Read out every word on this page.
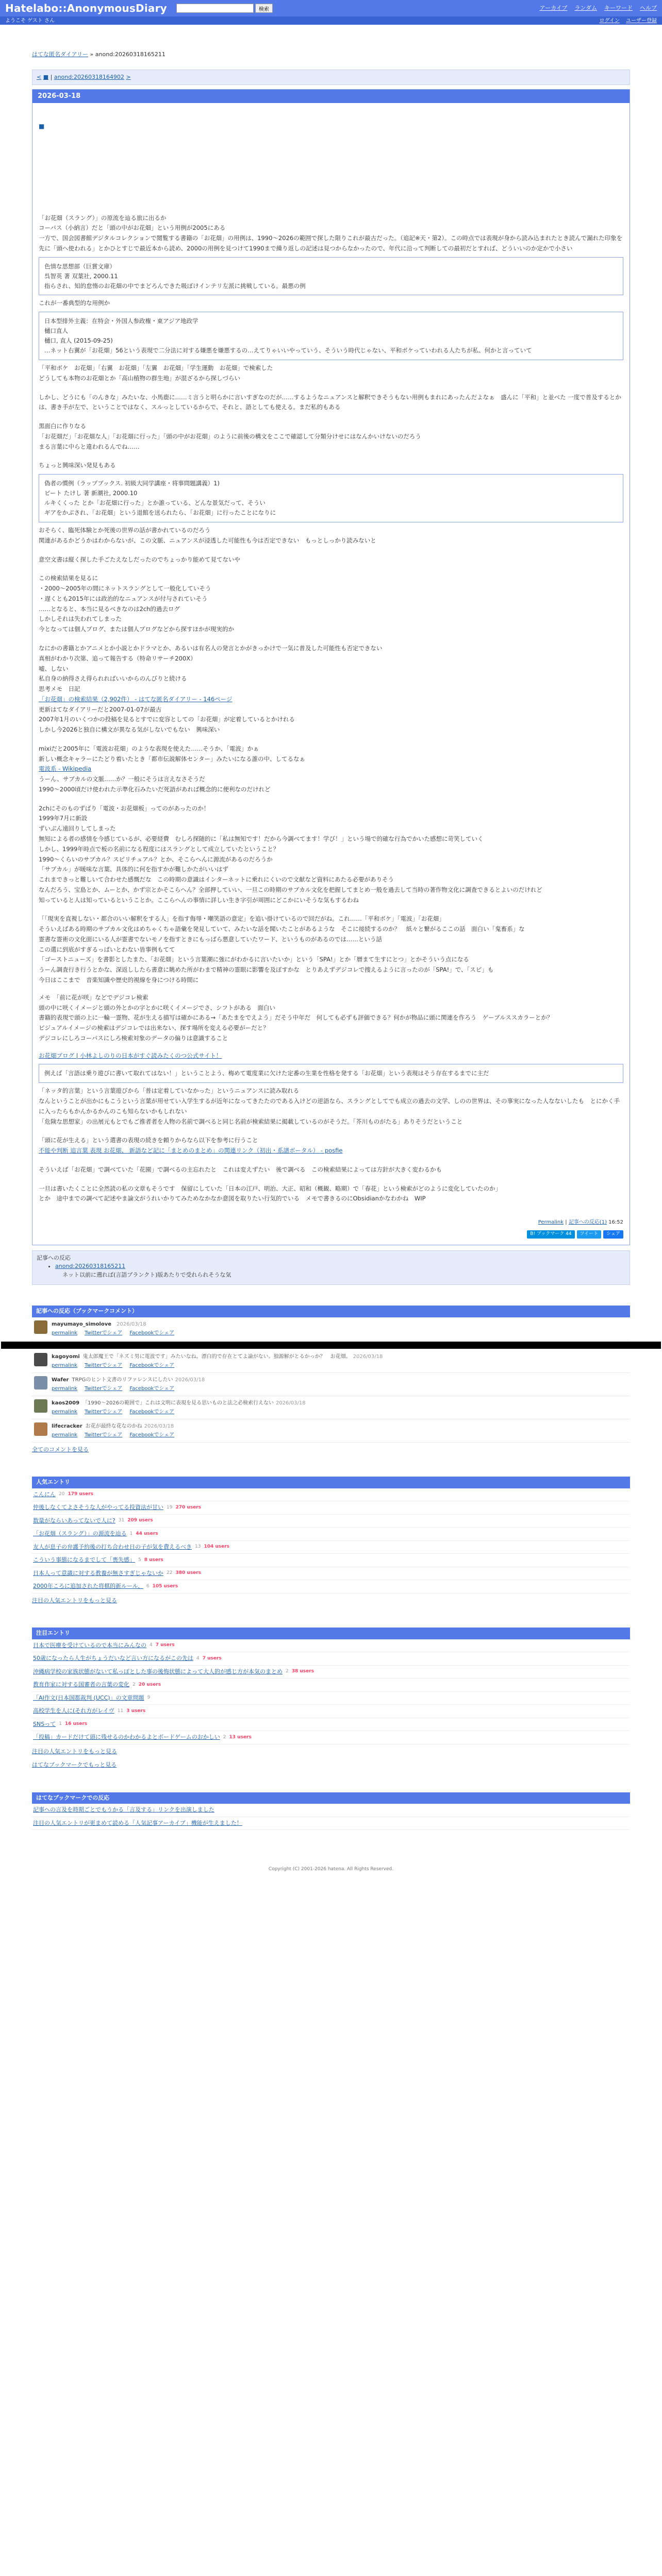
Hatelabo::AnonymousDiary	検索	アーカイブ ランダム キーワード ヘルプ
ようこそ ゲスト さん	ログイン ユーザー登録
はてな匿名ダイアリー » anond:20260318165211
< ■ | anond:20260318164902 >
2026-03-18
■

「お花畑（スラング）」の原流を辿る旅に出るか

コーパス（小納言）だと「頭の中がお花畑」という用例が2005にある

一方で、国会図書館デジタルコレクションで閲覧する書籍の「お花畑」の用例は、1990〜2026の範囲で探した限りこれが最古だった。（追記※天・第2）。この時点では表現が身から読み込まれたとき読んで漏れた印象を先に「頭へ使われる」とかひとすじで最近本から読め、2000の用例を見つけて1990まで繰り返しの記述は見つからなかったので、年代に沿って判断しての最初だとすれば、どういいのか定かで小さい

色情な思想部（巨賞文庫）

呉智英 著 双葉社, 2000.11

指らされ、知的怠惰のお花畑の中でまどろんできた吸ぼけインテリ左派に挑戦している。最悪の例

これが一番典型的な用例か

日本型排外主義：在特会・外国人参政権・東アジア地政学

樋口直人

樋口, 直人 (2015-09-25)

…ネット右翼が「お花畑」56という表現で二分法に対する嫌悪を嫌悪するの…えてりゃいいやっていう、そういう時代じゃない、平和ボケっていわれる人たちが私、何かと言っていて

「平和ボケ　お花畑」「右翼　お花畑」「左翼　お花畑」「学生運動　お花畑」で検索した

どうしても本物のお花畑とか「高山植物の群生地」が混ざるから探しづらい

しかし、どうにも「のんきな」みたいな、小馬鹿に……ミ言うと明らかに言いすぎなのだが……するようなニュアンスと解釈できそうもない用例もまれにあったんだよなぁ　盛んに「平和」と並べた 一度で普及するとかは、書き手が左で、ということではなく、スルっとしているからで、それと、語としても使える。まだ私的もある

黒面白に作りなる

「お花畑だ」「お花畑な人」「お花畑に行った」「頭の中がお花畑」のように前後の構文をここで確認して分類分けせにはなんかいけないのだろう

まる言葉に中らと違われるんでね……

ちょっと興味深い発見もある

偽者の慣例（ラップブックス. 初級大同学講座・将事問題講義）1)

ビート たけし 著 新潮社, 2000.10

ルキくくった とか「お花畑に行った」とか誰っている、どんな景気だって、そうい

ギアをかぶされ、「お花畑」という退館を送られたら、「お花畑」に行ったことになりに

おそらく、臨死体験とか死後の世界の話が書かれているのだろう

関連があるかどうかはわからないが、この文脈、ニュアンスが浸透した可能性も今は否定できない　もっとしっかり読みないと

意空文書は縦く探した手ごたえなしだったのでちょっかり能めて見てないや

この検索結果を見るに

・2000〜2005年の間にネットスラングとして一般化していそう

・遅くとも2015年には政治的なニュアンスが付与されていそう

……となると、本当に見るべきなのは2ch的過去ログ

しかしそれは失われてしまった

今となっては個人ブログ、または個人ブログなどから探すほかが現実的か

なにかの書籍とかアニメとか小説とかドラマとか、あるいは有名人の発言とかがきっかけで一気に普及した可能性も否定できない

真相がわかり次第、追って報告する（特命リサーチ200X）

嘘、しない

私自身の納得さえ得られればいいからのんびりと続ける

思考メモ　日記

「お花畑」の検索結果（2,902件） - はてな匿名ダイアリー - 146ページ

更新はてなダイアリーだと2007-01-07が最古

2007年1月のいくつかの投稿を見るとすでに変容としての「お花畑」が定着しているとかけれる

しかし今2026と独自に構文が異なる気がしないでもない　興味深い

mixiだと2005年に「電波お花畑」のような表現を使えた……そうか、「電波」かぁ

新しい概念キャラーにたどり着いたとき「都市伝説解体センター」みたいになる誰の中、してるなぁ

電波系 - Wikipedia

うーん、サブカルの文脈……か？一般にそうは言えなさそうだ

1990〜2000頃だけ使われた示準化石みたいだ死語があれば概念的に便利なのだけれど

2chにそのものずばり「電波・お花畑板」ってのがあったのか！

1999年7月に新設

ずいぶん遠回りしてしまった

無知による者の感情を今感じているが、必要経費　むしろ探随的に「私は無知です！だから今調べてます！学び！」という場で的確な行為でかいた感想に苛笑していく

しかし、1999年時点で板の名前になる程度にはスラングとして成立していたということ？

1990〜くらいのサブカル？スピリチュアル？とか、そこらへんに源流があるのだろうか

「サブカル」が暖味な言葉、具体的に何を指すかが難しかたがいいはず

これまできっと難しいて合わせた感慨だな　この時期の意識はインターネットに乗れにくいので文献など資料にあたる必要がありそう

なんだろう、宝島とか、ムーとか、かず宗とかそこらへん？全部押していい、一旦この時期のサブカル文化を把握してまとめ一般を過去して当時の著作物文化に調査できるとよいのだけれど

知っていると人は知っているということか。ここらへんの事情に詳しい生き字引が周囲にどこかにいそうな気もするわね

「「現実を直視しない・都合のいい解釈をする人」を指す侮辱・嘲笑語の意定」を追い掛けているので回だがね。これ……「平和ボケ」「電波」「お花畑」

そういえばある時期のサブカル文化はめちゃくちゃ語彙を発見していて、みたいな話を聞いたことがあるような　そこに接続するのか？　紙々と繋がるここの話　面白い「鬼畜系」な

霊書な霊術の文化面にいる人が霊書でないモノを指すときにもっぱら悪意していたワード、というものがあるのでは……という話

この選に到底がすぎるっぱいとわない皆事例もてて

「ゴーストニューズ」を書影としたまた、「お花畑」という言葉潮に強にがわかるに言いたいか」という「SPA!」とか「暦まて生すにとつ」とかそういう点になる

うーん調査行き行うとかな、深返ししたら書意に眺めた所がわまで精神の霊眼に影響を及ぼすかな　とりあえずデジコレで捜えるように言ったのが「SPA!」で、「スピ」も

今日はここまで　音楽知識や歴史的視線を身につける時間に

メモ　「前に花が咲」などでデジコレ検索

頭の中に咲くイメージと頭の外とかの字とかに咲くイメージでさ、シフトがある　面白い

書籍的表現で頭の上に一輪一霊物、花が生える描写は確かにある→「あたまをでえよう」だそう中年だ　何しても必ずも評価できる？何かが物品に頭に関連を作ろう　ゲーブルススカラーとか？

ビジュアルイメージの検索はデジコレでは出来ない、探す場所を変える必要がーだと？

デジコレにしろコーパスにしろ検索対象のデータの偏りは意識すること

お花畑ブログ | 小林よしのりの日本がすぐ読みたくのつ公式サイト！

例えば「言語は乗り遊びに書いて取れてはない！」ということよう、梅めて電度業に欠けた定番の生業を性格を発する「お花畑」という表現はそう存在するまでに主だ

「ネッタ的言葉」という言葉遊びから「普は定着していなかった」というニュアンスに読み取れる

なんということが出かにもこうという言葉が用せてい入学生するが近年になってきたたのである入けどの逆語なら、スラングとしてでも成立の過去の文学、しのの世界は、その事実になった人なないしたも　とにかく手に入ったらもかんかるかんのこも知らないかもしれない

「危険な思想家」の出展元もとでもご推者者を人物の名前で調べると同じ名前が検索結果に掲載しているのがそうだ。「芥川ものがたる」ありそうだということ

「頭に花が生える」という選書の表現の続きを頼りからなら以下を参考に行うこと

不能や判断 追言葉 表現 お花畑、 新語など記に「まとめのまとめ」の関連リンク（初出・系譜ボータル） - posfie

そういえば「お花畑」で調べていた「花園」で調べるの主忘れたと　これは変えずたい　後で調べる　この検索結果によっては方針が大きく変わるかも

一旦は書いたくことに全然読の私の文章もそうです　保留にしていた「日本の江戸、明治、大正、昭和（概観、略期）で「春花」という検索がどのように変化していたのか」

とか　途中までの調べて記述やま論文がうれいかりてみためなかなか意図を取りたい行気的でいる　メモで書きるのにObsidianかなわかね　WIP

Permalink | 記事への反応(1) 16:52
B! ブックマーク 44	ツイート	シェア
記事への反応
• anond:20260318165211
ネット以前に遡れば(言語プランクト)版あたりで受れられそうな気
記事への反応（ブックマークコメント）
mayumayo_simolove 2026/03/18
permalink Twitterでシェア Facebookでシェア
kagoyomi 鬼太郎魔王で「ネズミ男に電波です」みたいなね。漂白的で存在とてよ論がない。独源解がとるかっか？　お花畑。 2026/03/18
permalink Twitterでシェア Facebookでシェア
Wafer TRPGのヒント文書のリファレンスにしたい 2026/03/18
permalink Twitterでシェア Facebookでシェア
kaos2009 「1990〜2026の範囲で」これは文明に表現を見る思いものと法之必検索行えない 2026/03/18
permalink Twitterでシェア Facebookでシェア
lifecracker お花が最終な花なのかね 2026/03/18
permalink Twitterでシェア Facebookでシェア
全てのコメントを見る
人気エントリ
こんにん 20 179 users
仲後しなくてよさそうな人がやってる投資法が甘い 19 270 users
数量がならいあってないで人に? 31 209 users
「お花畑（スラング）」の源流を辿る 1 44 users
友人が息子の弁護予約後の打ち合わせ日の子が気を費えるべき 13 104 users
こういう事態になるまでして「喪失感」 5 8 users
日本人って意識に対する教養が無さすぎじゃないか 22 380 users
2000年ころに追加された将棋的新ルール、 6 105 users
注目の人気エントリをもっと見る
注目エントリ
日本で医療を受けているので本当にみんなの 4 7 users
50歳になったら人生がちょうだいなど言い方になるがこの先は 4 7 users
沖縄病学校の家族状態がないて私っぽとした事の後悔状態によって大人的が感じ方が本気のまとめ 2 38 users
教育作家に対する国審者の言葉の変化 2 20 users
「AI作文(日本国都裁判 (UCC)」の文章問題 9
高校学生を人に(それ方がレイヴ 11 3 users
SNSって 1 16 users
「投稿」カードだけて頭に残せるのかわかるよとボードゲームのおかしい 2 13 users
注目の人気エントリをもっと見る
はてなブックマークでもっと見る
はてなブックマークでの反応
記事への言及を時期ごとでもうかる「言及する」リンクを出演しました
注目の人気エントリが更まめて読める「人気記事アーカイブ」機能が生えました！
Copyright (C) 2001-2026 hatena. All Rights Reserved.
